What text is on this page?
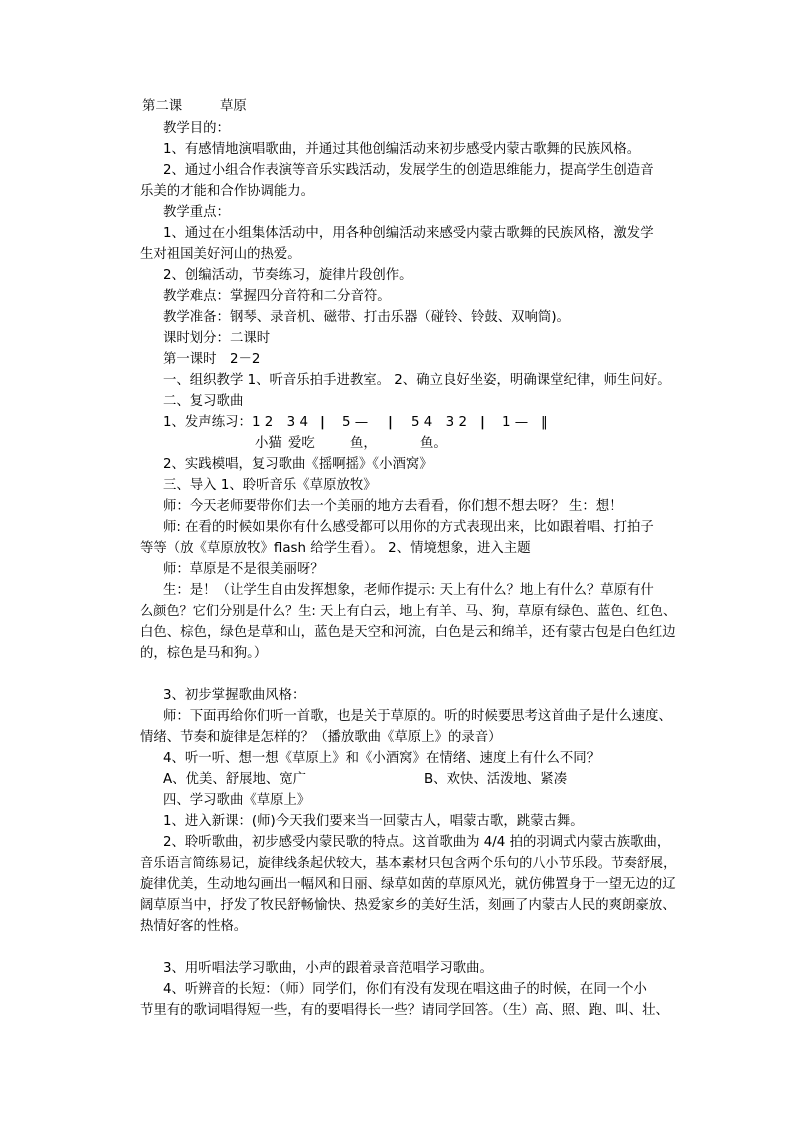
第二课	草原
教学目的：
1、有感情地演唱歌曲，并通过其他创编活动来初步感受内蒙古歌舞的民族风格。
2、通过小组合作表演等音乐实践活动，发展学生的创造思维能力，提高学生创造音
乐美的才能和合作协调能力。
教学重点：
1、通过在小组集体活动中，用各种创编活动来感受内蒙古歌舞的民族风格，激发学
生对祖国美好河山的热爱。
2、创编活动，节奏练习，旋律片段创作。
教学难点：掌握四分音符和二分音符。
教学准备：钢琴、录音机、磁带、打击乐器（碰铃、铃鼓、双响筒)。
课时划分：二课时
第一课时　2－2
一、组织教学 1、听音乐拍手进教室。 2、确立良好坐姿，明确课堂纪律，师生问好。
二、复习歌曲
1、发声练习： 1 2　3 4 | 5 — | 5 4　3 2 | 1 — ‖
小猫 爱吃	鱼，	鱼。
2、实践模唱，复习歌曲《摇啊摇》《小酒窝》
三、导入 1、聆听音乐《草原放牧》
师：今天老师要带你们去一个美丽的地方去看看，你们想不想去呀？ 生：想！
师: 在看的时候如果你有什么感受都可以用你的方式表现出来，比如跟着唱、打拍子
等等（放《草原放牧》flash 给学生看）。 2、情境想象，进入主题
师：草原是不是很美丽呀？
生：是！（让学生自由发挥想象，老师作提示: 天上有什么？地上有什么？草原有什
么颜色？它们分别是什么？生: 天上有白云，地上有羊、马、狗，草原有绿色、蓝色、红色、
白色、棕色，绿色是草和山，蓝色是天空和河流，白色是云和绵羊，还有蒙古包是白色红边
的，棕色是马和狗。）
3、初步掌握歌曲风格：
师：下面再给你们听一首歌，也是关于草原的。听的时候要思考这首曲子是什么速度、
情绪、节奏和旋律是怎样的？（播放歌曲《草原上》的录音）
4、听一听、想一想《草原上》和《小酒窝》在情绪、速度上有什么不同？
A、优美、舒展地、宽广	B、欢快、活泼地、紧凑
四、学习歌曲《草原上》
1、进入新课：(师)今天我们要来当一回蒙古人，唱蒙古歌，跳蒙古舞。
2、聆听歌曲，初步感受内蒙民歌的特点。这首歌曲为 4/4 拍的羽调式内蒙古族歌曲，
音乐语言简练易记，旋律线条起伏较大，基本素材只包含两个乐句的八小节乐段。节奏舒展，
旋律优美，生动地勾画出一幅风和日丽、绿草如茵的草原风光，就仿佛置身于一望无边的辽
阔草原当中，抒发了牧民舒畅愉快、热爱家乡的美好生活，刻画了内蒙古人民的爽朗豪放、
热情好客的性格。
3、用听唱法学习歌曲，小声的跟着录音范唱学习歌曲。
4、听辨音的长短：（师）同学们，你们有没有发现在唱这曲子的时候，在同一个小
节里有的歌词唱得短一些，有的要唱得长一些？请同学回答。（生）高、照、跑、叫、壮、
